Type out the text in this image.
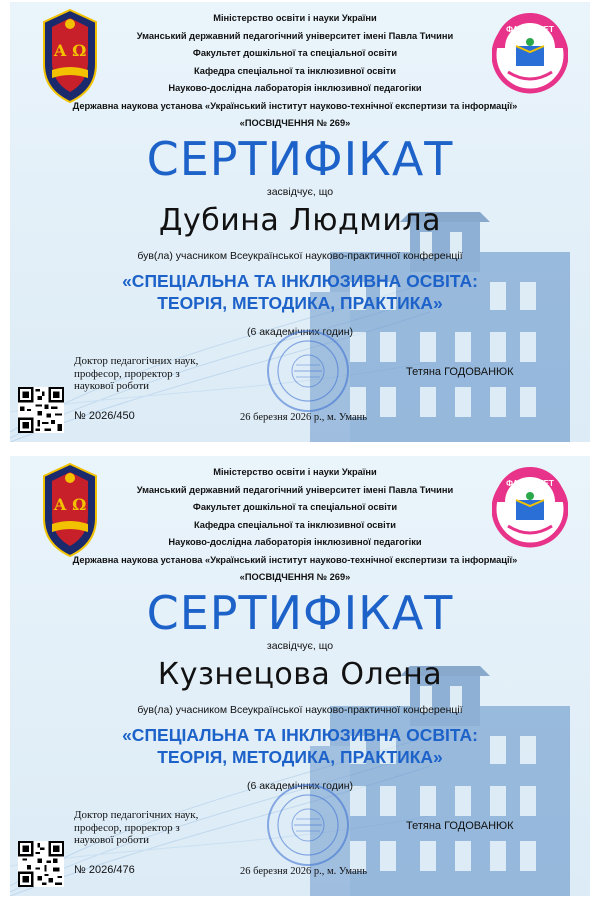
А Ω
ФАКУЛЬТЕТ
Міністерство освіти і науки України
Уманський державний педагогічний університет імені Павла Тичини
Факультет дошкільної та спеціальної освіти
Кафедра спеціальної та інклюзивної освіти
Науково-дослідна лабораторія інклюзивної педагогіки
Державна наукова установа «Український інститут науково-технічної експертизи та інформації»
«ПОСВІДЧЕННЯ № 269»
СЕРТИФІКАТ
засвідчує, що
Дубина Людмила
був(ла) учасником Всеукраїнської науково-практичної конференції
«СПЕЦІАЛЬНА ТА ІНКЛЮЗИВНА ОСВІТА:
ТЕОРІЯ, МЕТОДИКА, ПРАКТИКА»
(6 академічних годин)
Доктор педагогічних наук,
професор, проректор з
наукової роботи
Тетяна ГОДОВАНЮК
№ 2026/450	26 березня 2026 р., м. Умань
А Ω
ФАКУЛЬТЕТ
Міністерство освіти і науки України
Уманський державний педагогічний університет імені Павла Тичини
Факультет дошкільної та спеціальної освіти
Кафедра спеціальної та інклюзивної освіти
Науково-дослідна лабораторія інклюзивної педагогіки
Державна наукова установа «Український інститут науково-технічної експертизи та інформації»
«ПОСВІДЧЕННЯ № 269»
СЕРТИФІКАТ
засвідчує, що
Кузнецова Олена
був(ла) учасником Всеукраїнської науково-практичної конференції
«СПЕЦІАЛЬНА ТА ІНКЛЮЗИВНА ОСВІТА:
ТЕОРІЯ, МЕТОДИКА, ПРАКТИКА»
(6 академічних годин)
Доктор педагогічних наук,
професор, проректор з
наукової роботи
Тетяна ГОДОВАНЮК
№ 2026/476	26 березня 2026 р., м. Умань
